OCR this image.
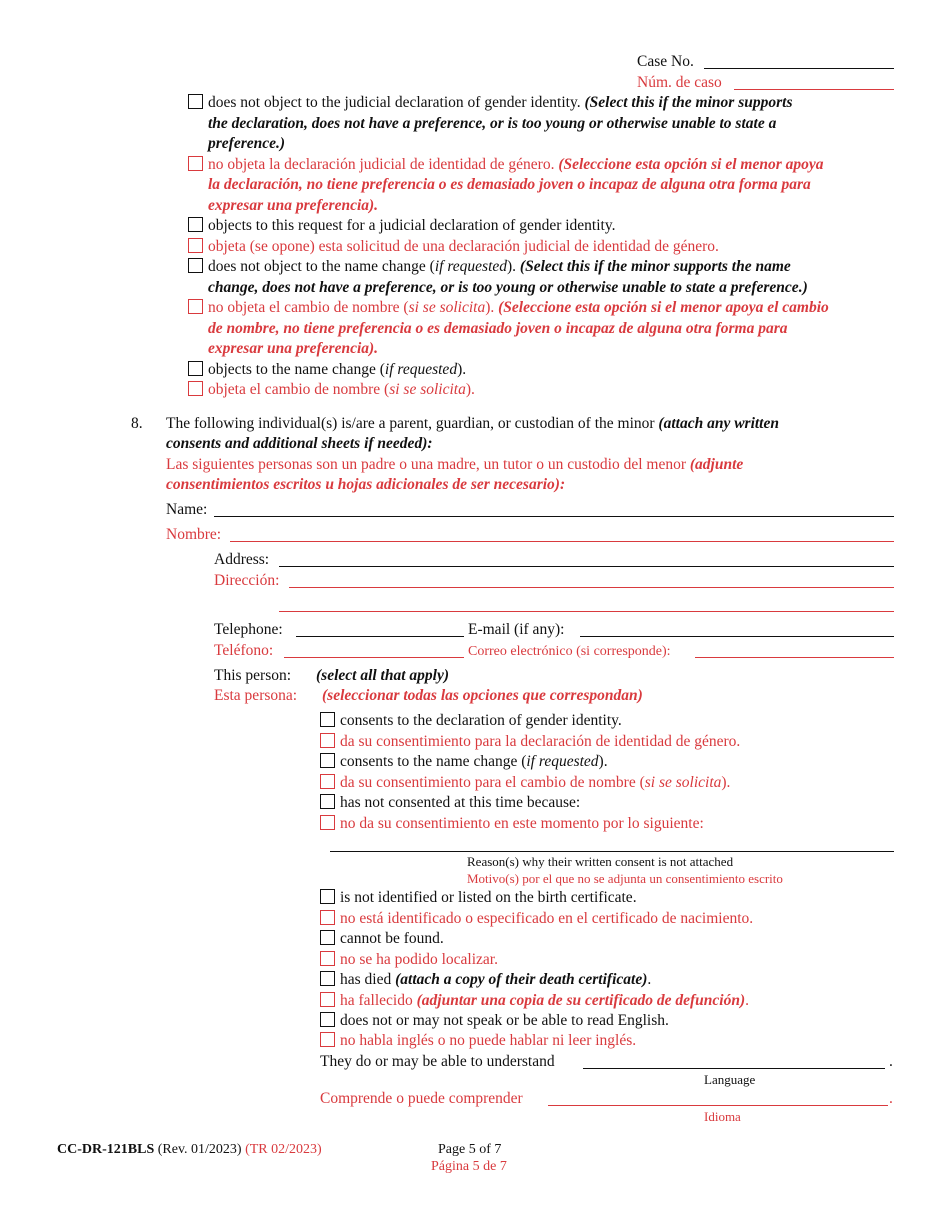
Case No.
Núm. de caso
does not object to the judicial declaration of gender identity. (Select this if the minor supports
the declaration, does not have a preference, or is too young or otherwise unable to state a
preference.)
no objeta la declaración judicial de identidad de género. (Seleccione esta opción si el menor apoya
la declaración, no tiene preferencia o es demasiado joven o incapaz de alguna otra forma para
expresar una preferencia).
objects to this request for a judicial declaration of gender identity.
objeta (se opone) esta solicitud de una declaración judicial de identidad de género.
does not object to the name change (if requested). (Select this if the minor supports the name
change, does not have a preference, or is too young or otherwise unable to state a preference.)
no objeta el cambio de nombre (si se solicita). (Seleccione esta opción si el menor apoya el cambio
de nombre, no tiene preferencia o es demasiado joven o incapaz de alguna otra forma para
expresar una preferencia).
objects to the name change (if requested).
objeta el cambio de nombre (si se solicita).
8. The following individual(s) is/are a parent, guardian, or custodian of the minor (attach any written
consents and additional sheets if needed):
Las siguientes personas son un padre o una madre, un tutor o un custodio del menor (adjunte
consentimientos escritos u hojas adicionales de ser necesario):
Name:
Nombre:
Address:
Dirección:
Telephone:	E-mail (if any):
Teléfono:	Correo electrónico (si corresponde):
This person: (select all that apply)
Esta persona: (seleccionar todas las opciones que correspondan)
consents to the declaration of gender identity.
da su consentimiento para la declaración de identidad de género.
consents to the name change (if requested).
da su consentimiento para el cambio de nombre (si se solicita).
has not consented at this time because:
no da su consentimiento en este momento por lo siguiente:
Reason(s) why their written consent is not attached
Motivo(s) por el que no se adjunta un consentimiento escrito
is not identified or listed on the birth certificate.
no está identificado o especificado en el certificado de nacimiento.
cannot be found.
no se ha podido localizar.
has died (attach a copy of their death certificate).
ha fallecido (adjuntar una copia de su certificado de defunción).
does not or may not speak or be able to read English.
no habla inglés o no puede hablar ni leer inglés.
They do or may be able to understand	.
Language
Comprende o puede comprender	.
Idioma
CC-DR-121BLS (Rev. 01/2023) (TR 02/2023)	Page 5 of 7
Página 5 de 7
